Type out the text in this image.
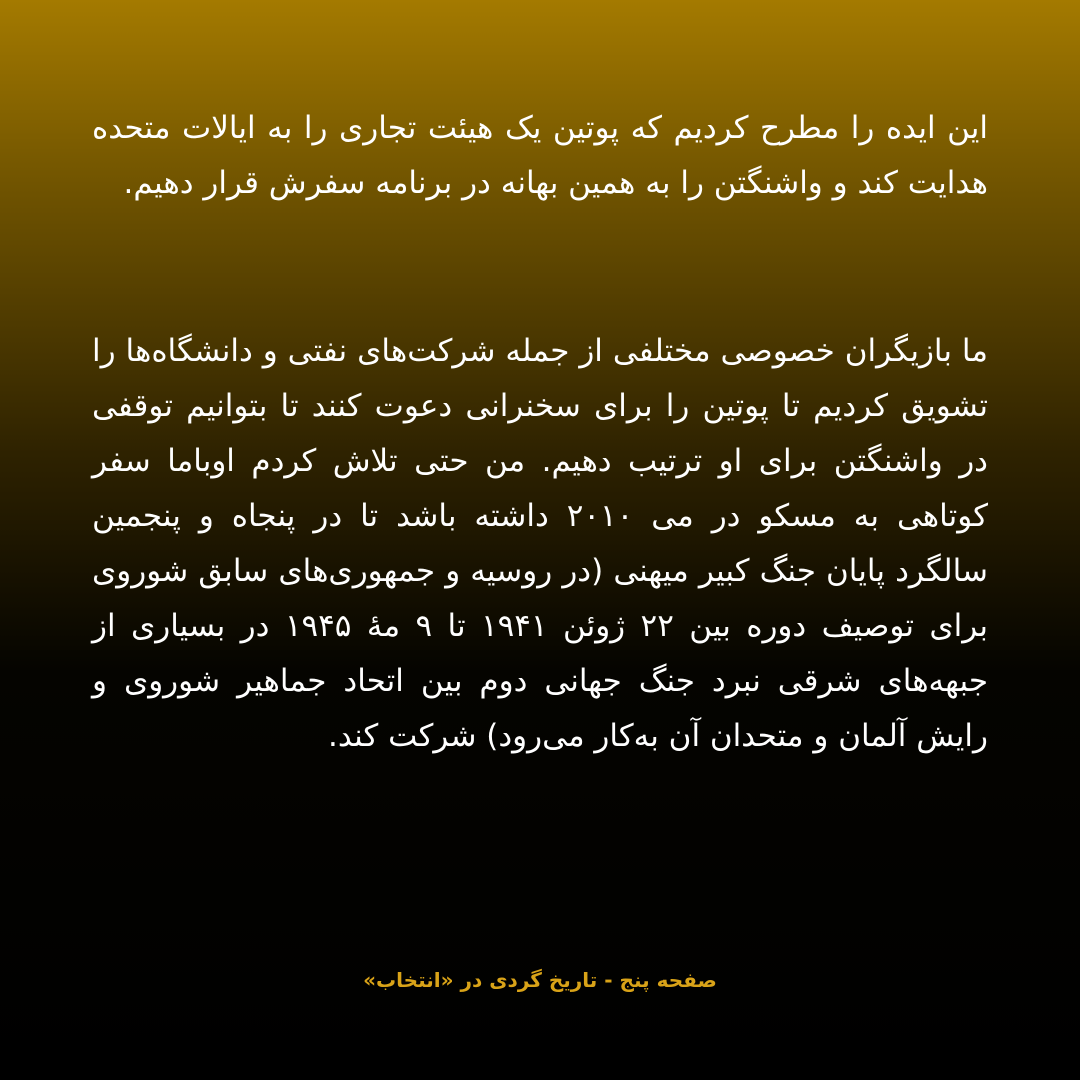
این ایده را مطرح کردیم که پوتین یک هیئت تجاری را به ایالات متحده هدایت کند و واشنگتن را به همین بهانه در برنامه سفرش قرار دهیم.

ما بازیگران خصوصی مختلفی از جمله شرکت‌های نفتی و دانشگاه‌ها را تشویق کردیم تا پوتین را برای سخنرانی دعوت کنند تا بتوانیم توقفی در واشنگتن برای او ترتیب دهیم. من حتی تلاش کردم اوباما سفر کوتاهی به مسکو در می ۲۰۱۰ داشته باشد تا در پنجاه و پنجمین سالگرد پایان جنگ کبیر میهنی (در روسیه و جمهوری‌های سابق شوروی برای توصیف دوره بین ۲۲ ژوئن ۱۹۴۱ تا ۹ مهٔ ۱۹۴۵ در بسیاری از جبهه‌های شرقی نبرد جنگ جهانی دوم بین اتحاد جماهیر شوروی و رایش آلمان و متحدان آن به‌کار می‌رود) شرکت کند.

صفحه پنج - تاریخ گردی در «انتخاب»
